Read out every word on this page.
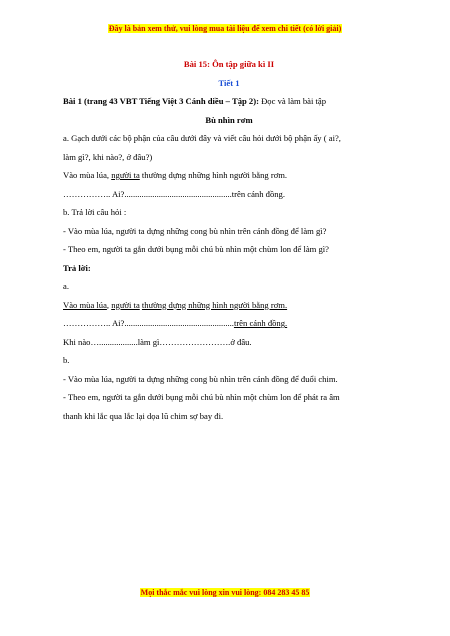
Đây là bản xem thử, vui lòng mua tài liệu để xem chi tiết (có lời giải)

Bài 15: Ôn tập giữa kì II

Tiết 1

Bài 1 (trang 43 VBT Tiếng Việt 3 Cánh diều – Tập 2): Đọc và làm bài tập

Bù nhìn rơm

a. Gạch dưới các bộ phận của câu dưới đây và viết câu hỏi dưới bộ phận ấy ( ai?,

làm gì?, khi nào?, ở đâu?)

Vào mùa lúa, người ta thường dựng những hình người bằng rơm.

…………….. Ai?..................................................trên cánh đồng.

b. Trả lời câu hỏi :

- Vào mùa lúa, người ta dựng những cong bù nhìn trên cánh đồng để làm gì?

- Theo em, người ta gắn dưới bụng mỗi chú bù nhìn một chùm lon để làm gì?

Trả lời:

a.

Vào mùa lúa, người ta thường dựng những hình người bằng rơm.

…………….. Ai?...................................................trên cánh đồng.

Khi nào…..................làm gì…………………….ở đâu.

b.

- Vào mùa lúa, người ta dựng những cong bù nhìn trên cánh đồng để đuổi chim.

- Theo em, người ta gắn dưới bụng mỗi chú bù nhìn một chùm lon để phát ra âm

thanh khi lắc qua lắc lại dọa lũ chim sợ bay đi.

Mọi thắc mắc vui lòng xin vui lòng: 084 283 45 85
